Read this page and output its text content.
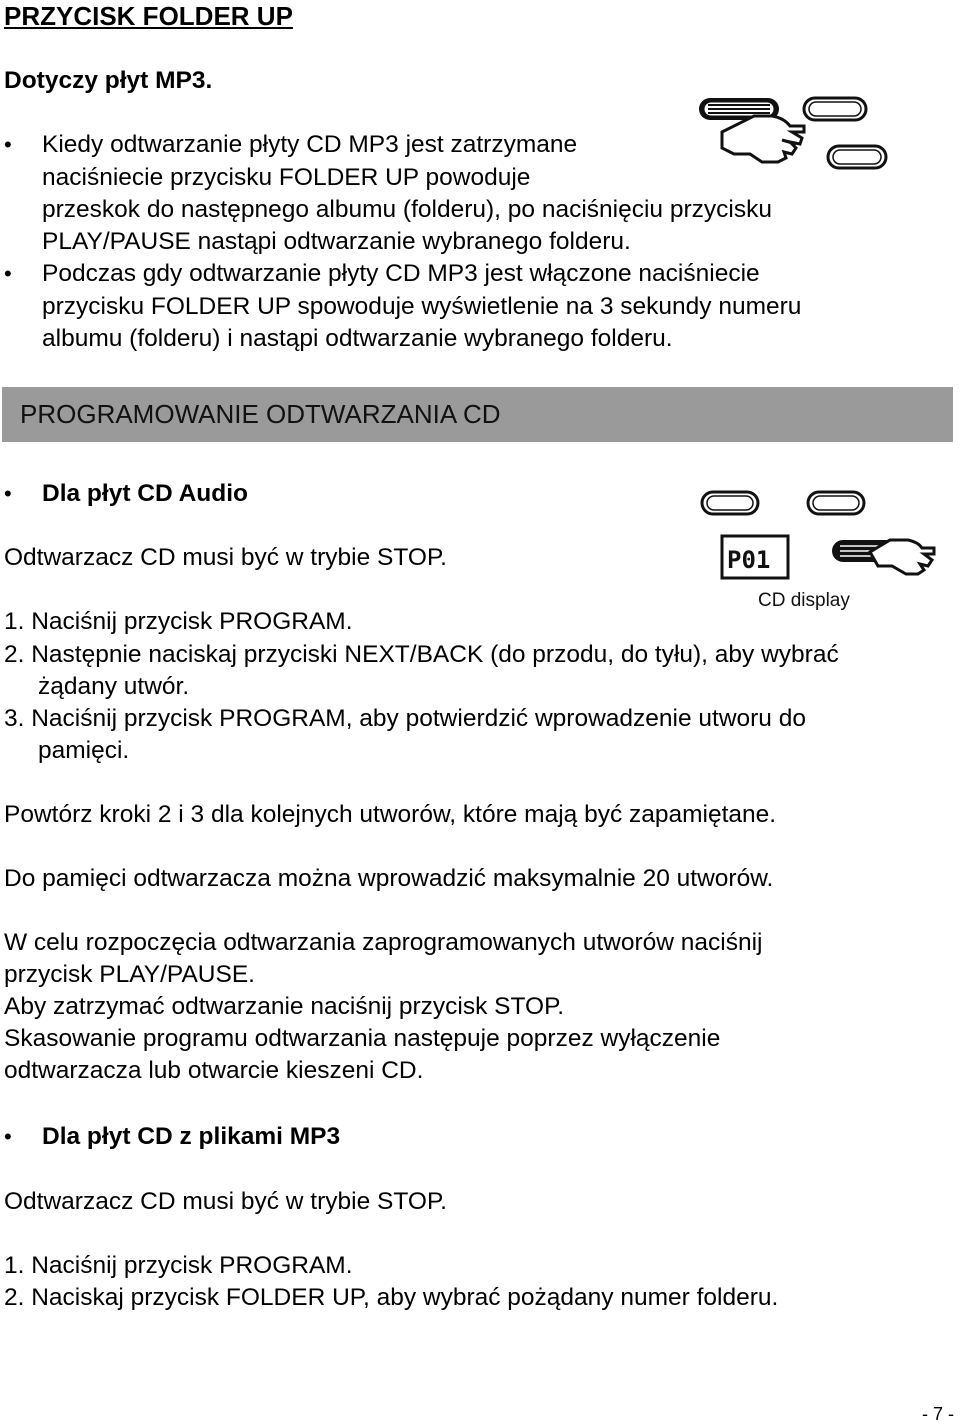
PRZYCISK FOLDER UP
Dotyczy płyt MP3.
• Kiedy odtwarzanie płyty CD MP3 jest zatrzymane
naciśniecie przycisku FOLDER UP powoduje
przeskok do następnego albumu (folderu), po naciśnięciu przycisku
PLAY/PAUSE nastąpi odtwarzanie wybranego folderu.
• Podczas gdy odtwarzanie płyty CD MP3 jest włączone naciśniecie
przycisku FOLDER UP spowoduje wyświetlenie na 3 sekundy numeru
albumu (folderu) i nastąpi odtwarzanie wybranego folderu.
PROGRAMOWANIE ODTWARZANIA CD
P01
CD display
• Dla płyt CD Audio
Odtwarzacz CD musi być w trybie STOP.
1. Naciśnij przycisk PROGRAM.
2. Następnie naciskaj przyciski NEXT/BACK (do przodu, do tyłu), aby wybrać
żądany utwór.
3. Naciśnij przycisk PROGRAM, aby potwierdzić wprowadzenie utworu do
pamięci.
Powtórz kroki 2 i 3 dla kolejnych utworów, które mają być zapamiętane.
Do pamięci odtwarzacza można wprowadzić maksymalnie 20 utworów.
W celu rozpoczęcia odtwarzania zaprogramowanych utworów naciśnij
przycisk PLAY/PAUSE.
Aby zatrzymać odtwarzanie naciśnij przycisk STOP.
Skasowanie programu odtwarzania następuje poprzez wyłączenie
odtwarzacza lub otwarcie kieszeni CD.
• Dla płyt CD z plikami MP3
Odtwarzacz CD musi być w trybie STOP.
1. Naciśnij przycisk PROGRAM.
2. Naciskaj przycisk FOLDER UP, aby wybrać pożądany numer folderu.
- 7 -
